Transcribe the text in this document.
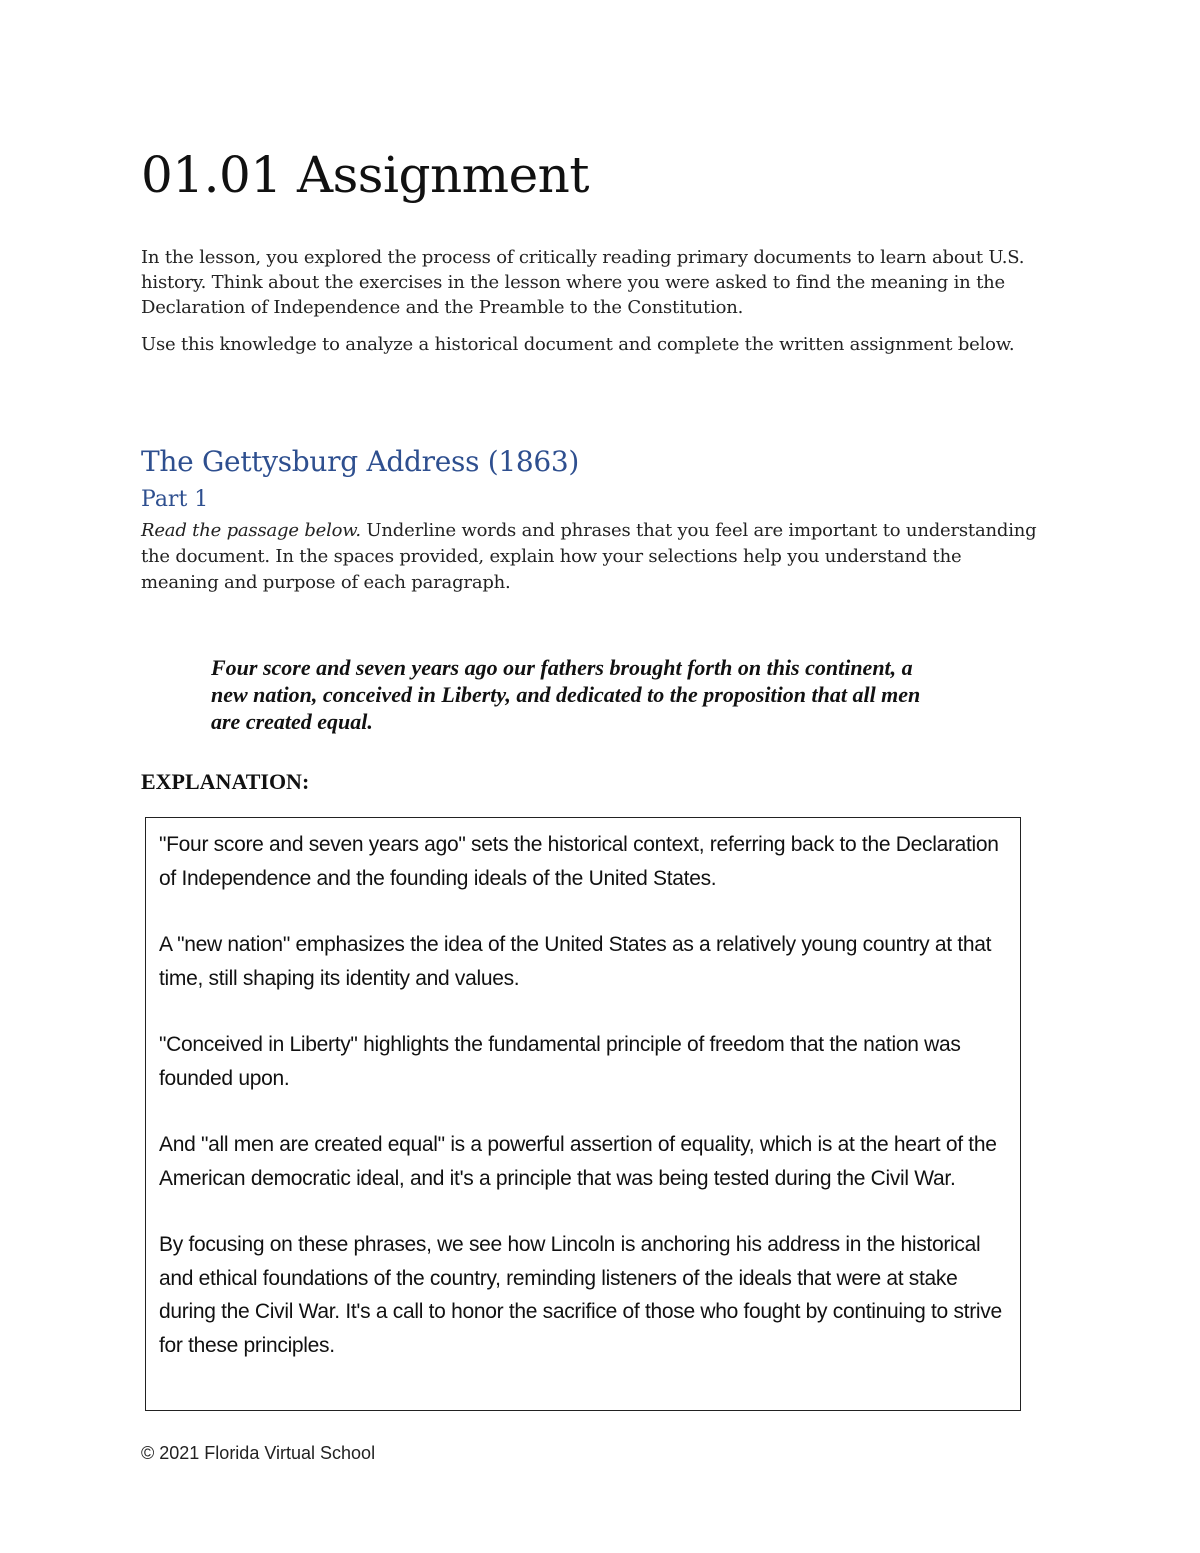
01.01 Assignment

In the lesson, you explored the process of critically reading primary documents to learn about U.S. history. Think about the exercises in the lesson where you were asked to find the meaning in the Declaration of Independence and the Preamble to the Constitution.

Use this knowledge to analyze a historical document and complete the written assignment below.

The Gettysburg Address (1863)
Part 1

Read the passage below. Underline words and phrases that you feel are important to understanding the document. In the spaces provided, explain how your selections help you understand the meaning and purpose of each paragraph.

Four score and seven years ago our fathers brought forth on this continent, a new nation, conceived in Liberty, and dedicated to the proposition that all men are created equal.

EXPLANATION:

"Four score and seven years ago" sets the historical context, referring back to the Declaration of Independence and the founding ideals of the United States.

A "new nation" emphasizes the idea of the United States as a relatively young country at that time, still shaping its identity and values.

"Conceived in Liberty" highlights the fundamental principle of freedom that the nation was founded upon.

And "all men are created equal" is a powerful assertion of equality, which is at the heart of the American democratic ideal, and it's a principle that was being tested during the Civil War.

By focusing on these phrases, we see how Lincoln is anchoring his address in the historical and ethical foundations of the country, reminding listeners of the ideals that were at stake during the Civil War. It's a call to honor the sacrifice of those who fought by continuing to strive for these principles.

© 2021 Florida Virtual School
